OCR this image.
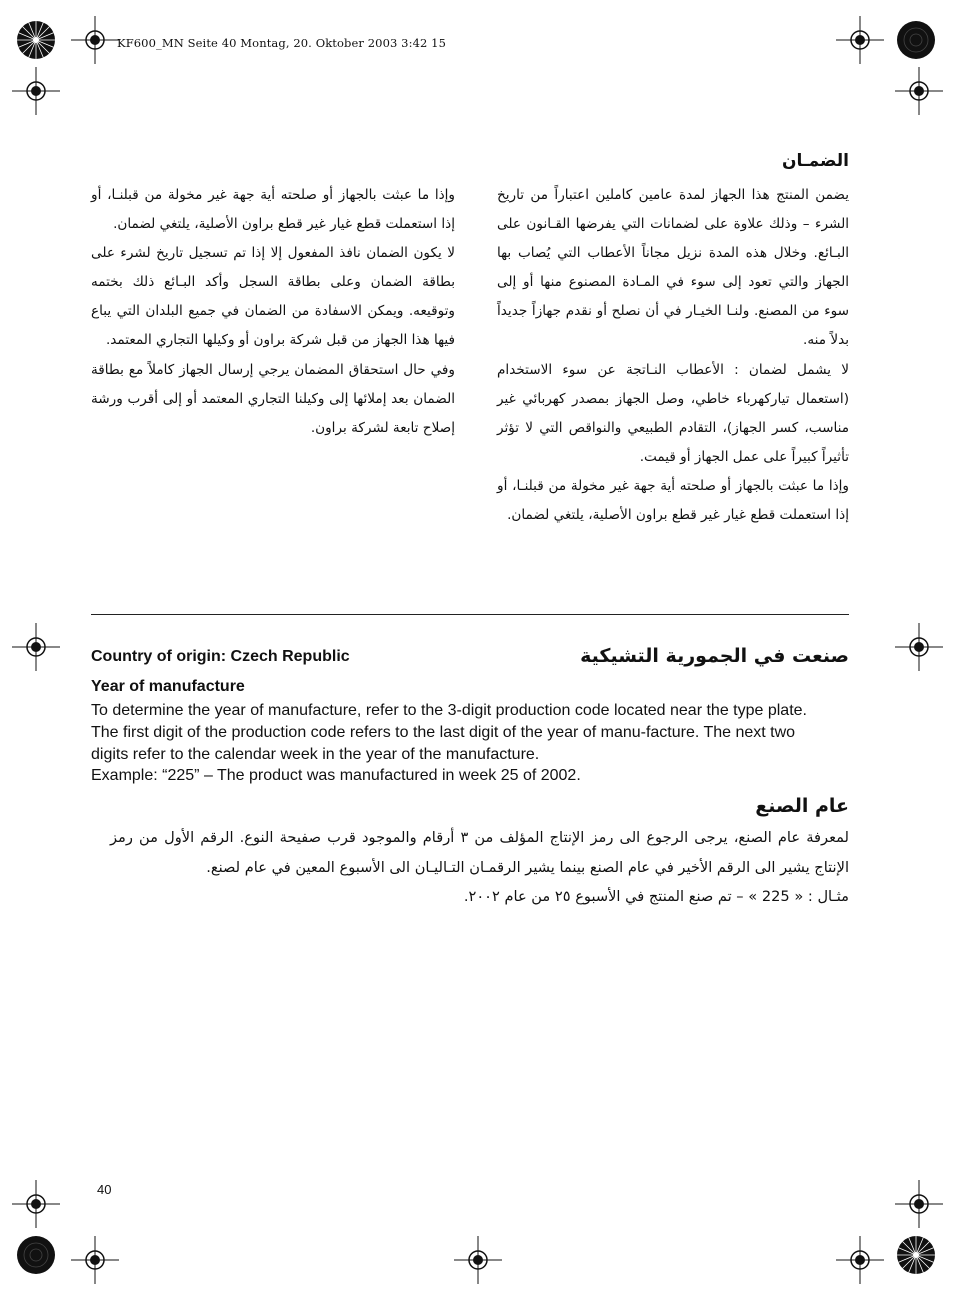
KF600_MN Seite 40 Montag, 20. Oktober 2003 3:42 15
الضمـان

يضمن المنتج هذا الجهاز لمدة عامين كاملين اعتباراً من تاريخ الشرء – وذلك علاوة على لضمانات التي يفرضها القـانون على البـائع. وخلال هذه المدة نزيل مجاناً الأعطاب التي يُصاب بها الجهاز والتي تعود إلى سوء في المـادة المصنوع منها أو إلى سوء من المصنع. ولنـا الخيـار في أن نصلح أو نقدم جهازاً جديداً بدلاً منه.

لا يشمل لضمان : الأعطاب النـاتجة عن سوء الاستخدام (استعمال تياركهرباء خاطي، وصل الجهاز بمصدر كهربائي غير مناسب، كسر الجهاز)، التقادم الطبيعي والنواقص التي لا تؤثر تأثيراً كبيراً على عمل الجهاز أو قيمت.

وإذا ما عبثت بالجهاز أو صلحته أية جهة غير مخولة من قبلنـا، أو إذا استعملت قطع غيار غير قطع براون الأصلية، يلتغي لضمان.

وإذا ما عبثت بالجهاز أو صلحته أية جهة غير مخولة من قبلنـا، أو إذا استعملت قطع غيار غير قطع براون الأصلية، يلتغي لضمان.

لا يكون الضمان نافذ المفعول إلا إذا تم تسجيل تاريخ لشرء على بطاقة الضمان وعلى بطاقة السجل وأكد البـائع ذلك بختمه وتوقيعه. ويمكن الاسفادة من الضمان في جميع البلدان التي يباع فيها هذا الجهاز من قبل شركة براون أو وكيلها التجاري المعتمد.

وفي حال استحقاق المضمان يرجي إرسال الجهاز كاملاً مع بطاقة الضمان بعد إملائها إلى وكيلنا التجاري المعتمد أو إلى أقرب ورشة إصلاح تابعة لشركة براون.

Country of origin: Czech Republic	صنعت في الجمورية التشيكية
Year of manufacture

To determine the year of manufacture, refer to the 3-digit production code located near the type plate. The first digit of the production code refers to the last digit of the year of manu-facture. The next two digits refer to the calendar week in the year of the manufacture.

Example: “225” – The product was manufactured in week 25 of 2002.

عام الصنع

لمعرفة عام الصنع، يرجى الرجوع الى رمز الإنتاج المؤلف من ٣ أرقام والموجود قرب صفيحة النوع. الرقم الأول من رمز الإنتاج يشير الى الرقم الأخير في عام الصنع بينما يشير الرقمـان التـاليـان الى الأسبوع المعين في عام لصنع.

مثـال : « 225 » – تم صنع المنتج في الأسبوع ٢٥ من عام ٢٠٠٢.

40
